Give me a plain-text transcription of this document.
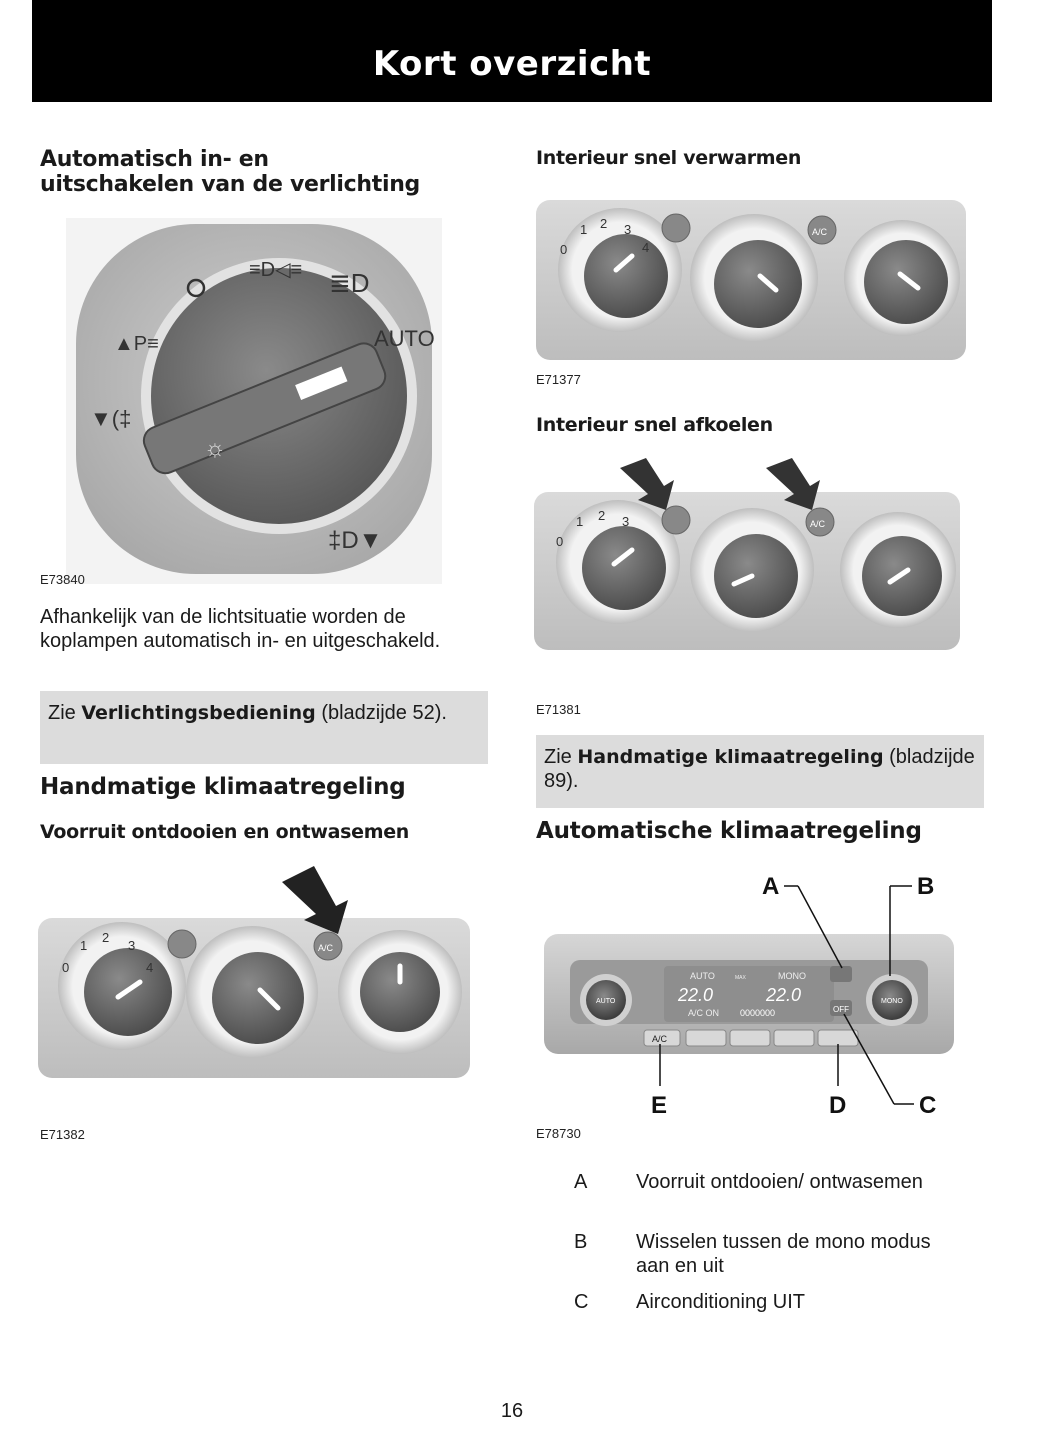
Kort overzicht
Automatisch in- en
uitschakelen van de verlichting
≡D◁≡ ≣D
AUTO
▲P≡
▼(‡
☼
‡D▼
E73840

Afhankelijk van de lichtsituatie worden de koplampen automatisch in- en uitgeschakeld.

Zie Verlichtingsbediening (bladzijde 52).
Handmatige klimaatregeling
Voorruit ontdooien en ontwasemen
0
1
2
3
4
A/C
E71382
Interieur snel verwarmen
0
1 2 3
4
A/C
E71377
Interieur snel afkoelen
0
1 2 3	A/C
E71381
Zie Handmatige klimaatregeling (bladzijde 89).
Automatische klimaatregeling
AUTO	MONO
AUTO	MAX	MONO
22.0	22.0
A/C ON 0000000	OFF
A/C
A	B
C
D
E
E78730
A Voorruit ontdooien/ ontwasemen
B Wisselen tussen de mono modus aan en uit
C Airconditioning UIT
16
